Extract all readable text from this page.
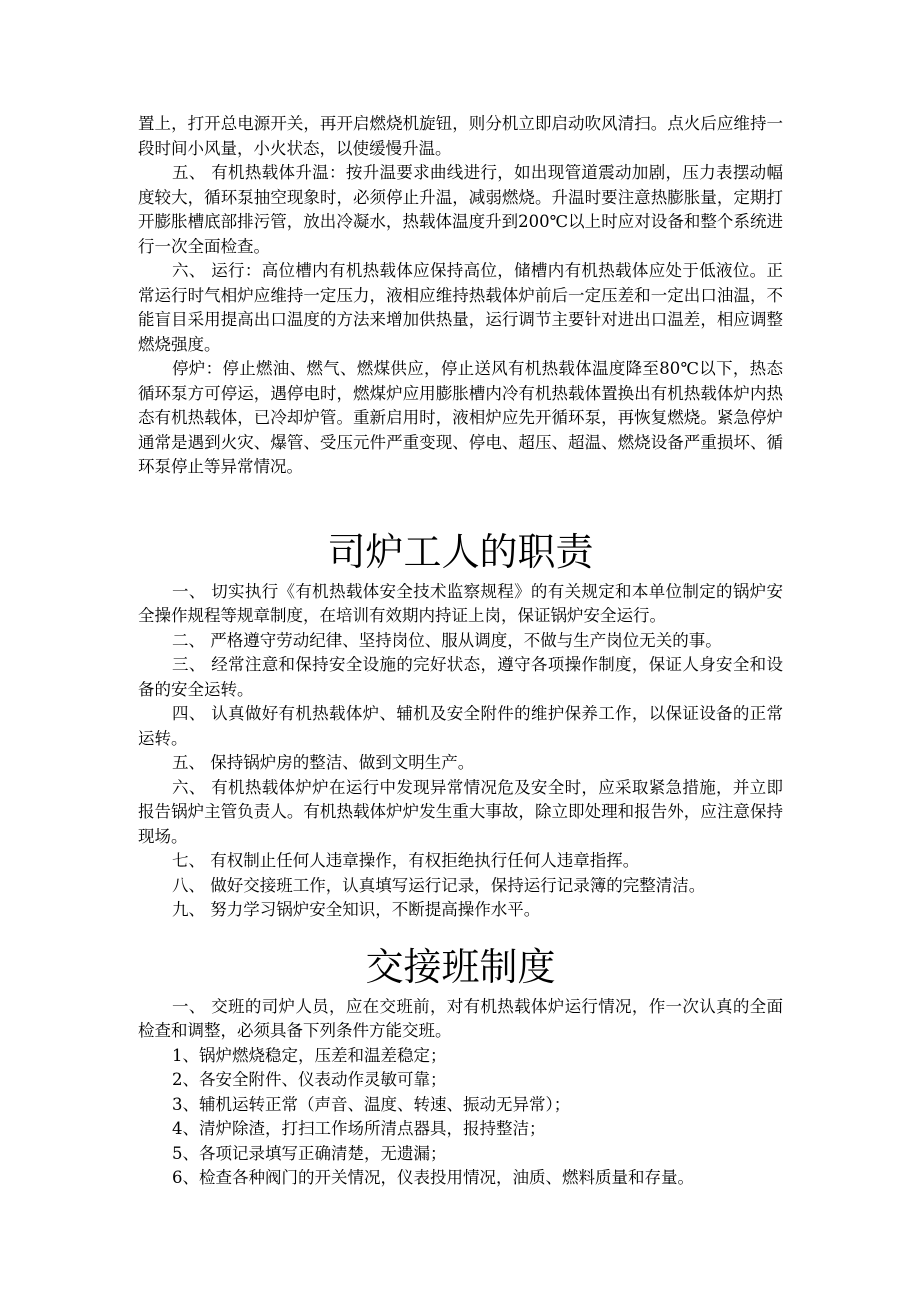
置上，打开总电源开关，再开启燃烧机旋钮，则分机立即启动吹风清扫。点火后应维持一段时间小风量，小火状态，以使缓慢升温。

五、 有机热载体升温：按升温要求曲线进行，如出现管道震动加剧，压力表摆动幅度较大，循环泵抽空现象时，必须停止升温，减弱燃烧。升温时要注意热膨胀量，定期打开膨胀槽底部排污管，放出冷凝水，热载体温度升到200℃以上时应对设备和整个系统进行一次全面检查。

六、 运行：高位槽内有机热载体应保持高位，储槽内有机热载体应处于低液位。正常运行时气相炉应维持一定压力，液相应维持热载体炉前后一定压差和一定出口油温，不能盲目采用提高出口温度的方法来增加供热量，运行调节主要针对进出口温差，相应调整燃烧强度。

停炉：停止燃油、燃气、燃煤供应，停止送风有机热载体温度降至80℃以下，热态循环泵方可停运，遇停电时，燃煤炉应用膨胀槽内冷有机热载体置换出有机热载体炉内热态有机热载体，已冷却炉管。重新启用时，液相炉应先开循环泵，再恢复燃烧。紧急停炉通常是遇到火灾、爆管、受压元件严重变现、停电、超压、超温、燃烧设备严重损坏、循环泵停止等异常情况。

司炉工人的职责

一、 切实执行《有机热载体安全技术监察规程》的有关规定和本单位制定的锅炉安全操作规程等规章制度，在培训有效期内持证上岗，保证锅炉安全运行。

二、 严格遵守劳动纪律、坚持岗位、服从调度，不做与生产岗位无关的事。

三、 经常注意和保持安全设施的完好状态，遵守各项操作制度，保证人身安全和设备的安全运转。

四、 认真做好有机热载体炉、辅机及安全附件的维护保养工作，以保证设备的正常运转。

五、 保持锅炉房的整洁、做到文明生产。

六、 有机热载体炉炉在运行中发现异常情况危及安全时，应采取紧急措施，并立即报告锅炉主管负责人。有机热载体炉炉发生重大事故，除立即处理和报告外，应注意保持现场。

七、 有权制止任何人违章操作，有权拒绝执行任何人违章指挥。

八、 做好交接班工作，认真填写运行记录，保持运行记录簿的完整清洁。

九、 努力学习锅炉安全知识，不断提高操作水平。

交接班制度

一、 交班的司炉人员，应在交班前，对有机热载体炉运行情况，作一次认真的全面检查和调整，必须具备下列条件方能交班。

1、锅炉燃烧稳定，压差和温差稳定；

2、各安全附件、仪表动作灵敏可靠；

3、辅机运转正常（声音、温度、转速、振动无异常）；

4、清炉除渣，打扫工作场所清点器具，报持整洁；

5、各项记录填写正确清楚，无遗漏；

6、检查各种阀门的开关情况，仪表投用情况，油质、燃料质量和存量。
